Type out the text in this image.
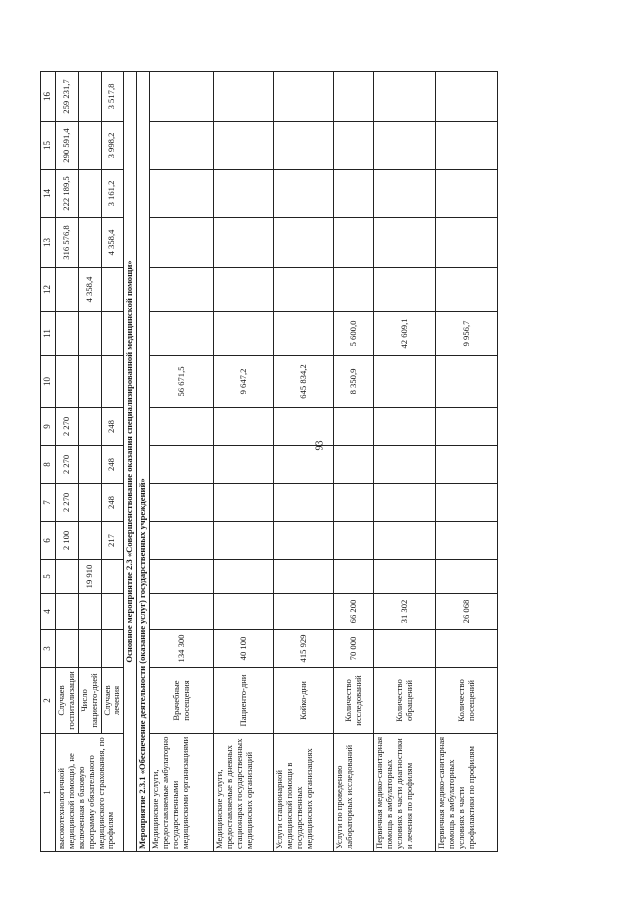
93
1	2	3	4	5	6	7	8	9	10	11	12	13	14	15	16
высокотехнологичной медицинской помощи), не включенная в базовую программу обязательного медицинского страхования, по профилям	Случаев госпитализации				2 100	2 270	2 270	2 270				316 576,8	222 189,5	290 591,4	259 231,7
	Число пациенто-дней			19 910							4 358,4				
	Случаев лечения				217	248	248	248				4 358,4	3 161,2	3 998,2	3 517,8
Основное мероприятие 2.3 «Совершенствование оказания специализированной медицинской помощи»															
Мероприятие 2.3.1 «Обеспечение деятельности (оказание услуг) государственных учреждений»															
Медицинские услуги, предоставляемые амбулаторно государственными медицинскими организациями	Врачебные посещения	134 300							56 671,5						
Медицинские услуги, предоставляемые в дневных стационарах государственных медицинских организаций	Пациенто-дни	40 100							9 647,2						
Услуги стационарной медицинской помощи в государственных медицинских организациях	Койко-дни	415 929							645 834,2						
Услуги по проведению лабораторных исследований	Количество исследований	70 000	66 200						8 350,9	5 600,0					
Первичная медико-санитарная помощь в амбулаторных условиях в части диагностики и лечения по профилям	Количество обращений		31 302							42 609,1					
Первичная медико-санитарная помощь в амбулаторных условиях в части профилактики по профилям	Количество посещений		26 068							9 956,7					
